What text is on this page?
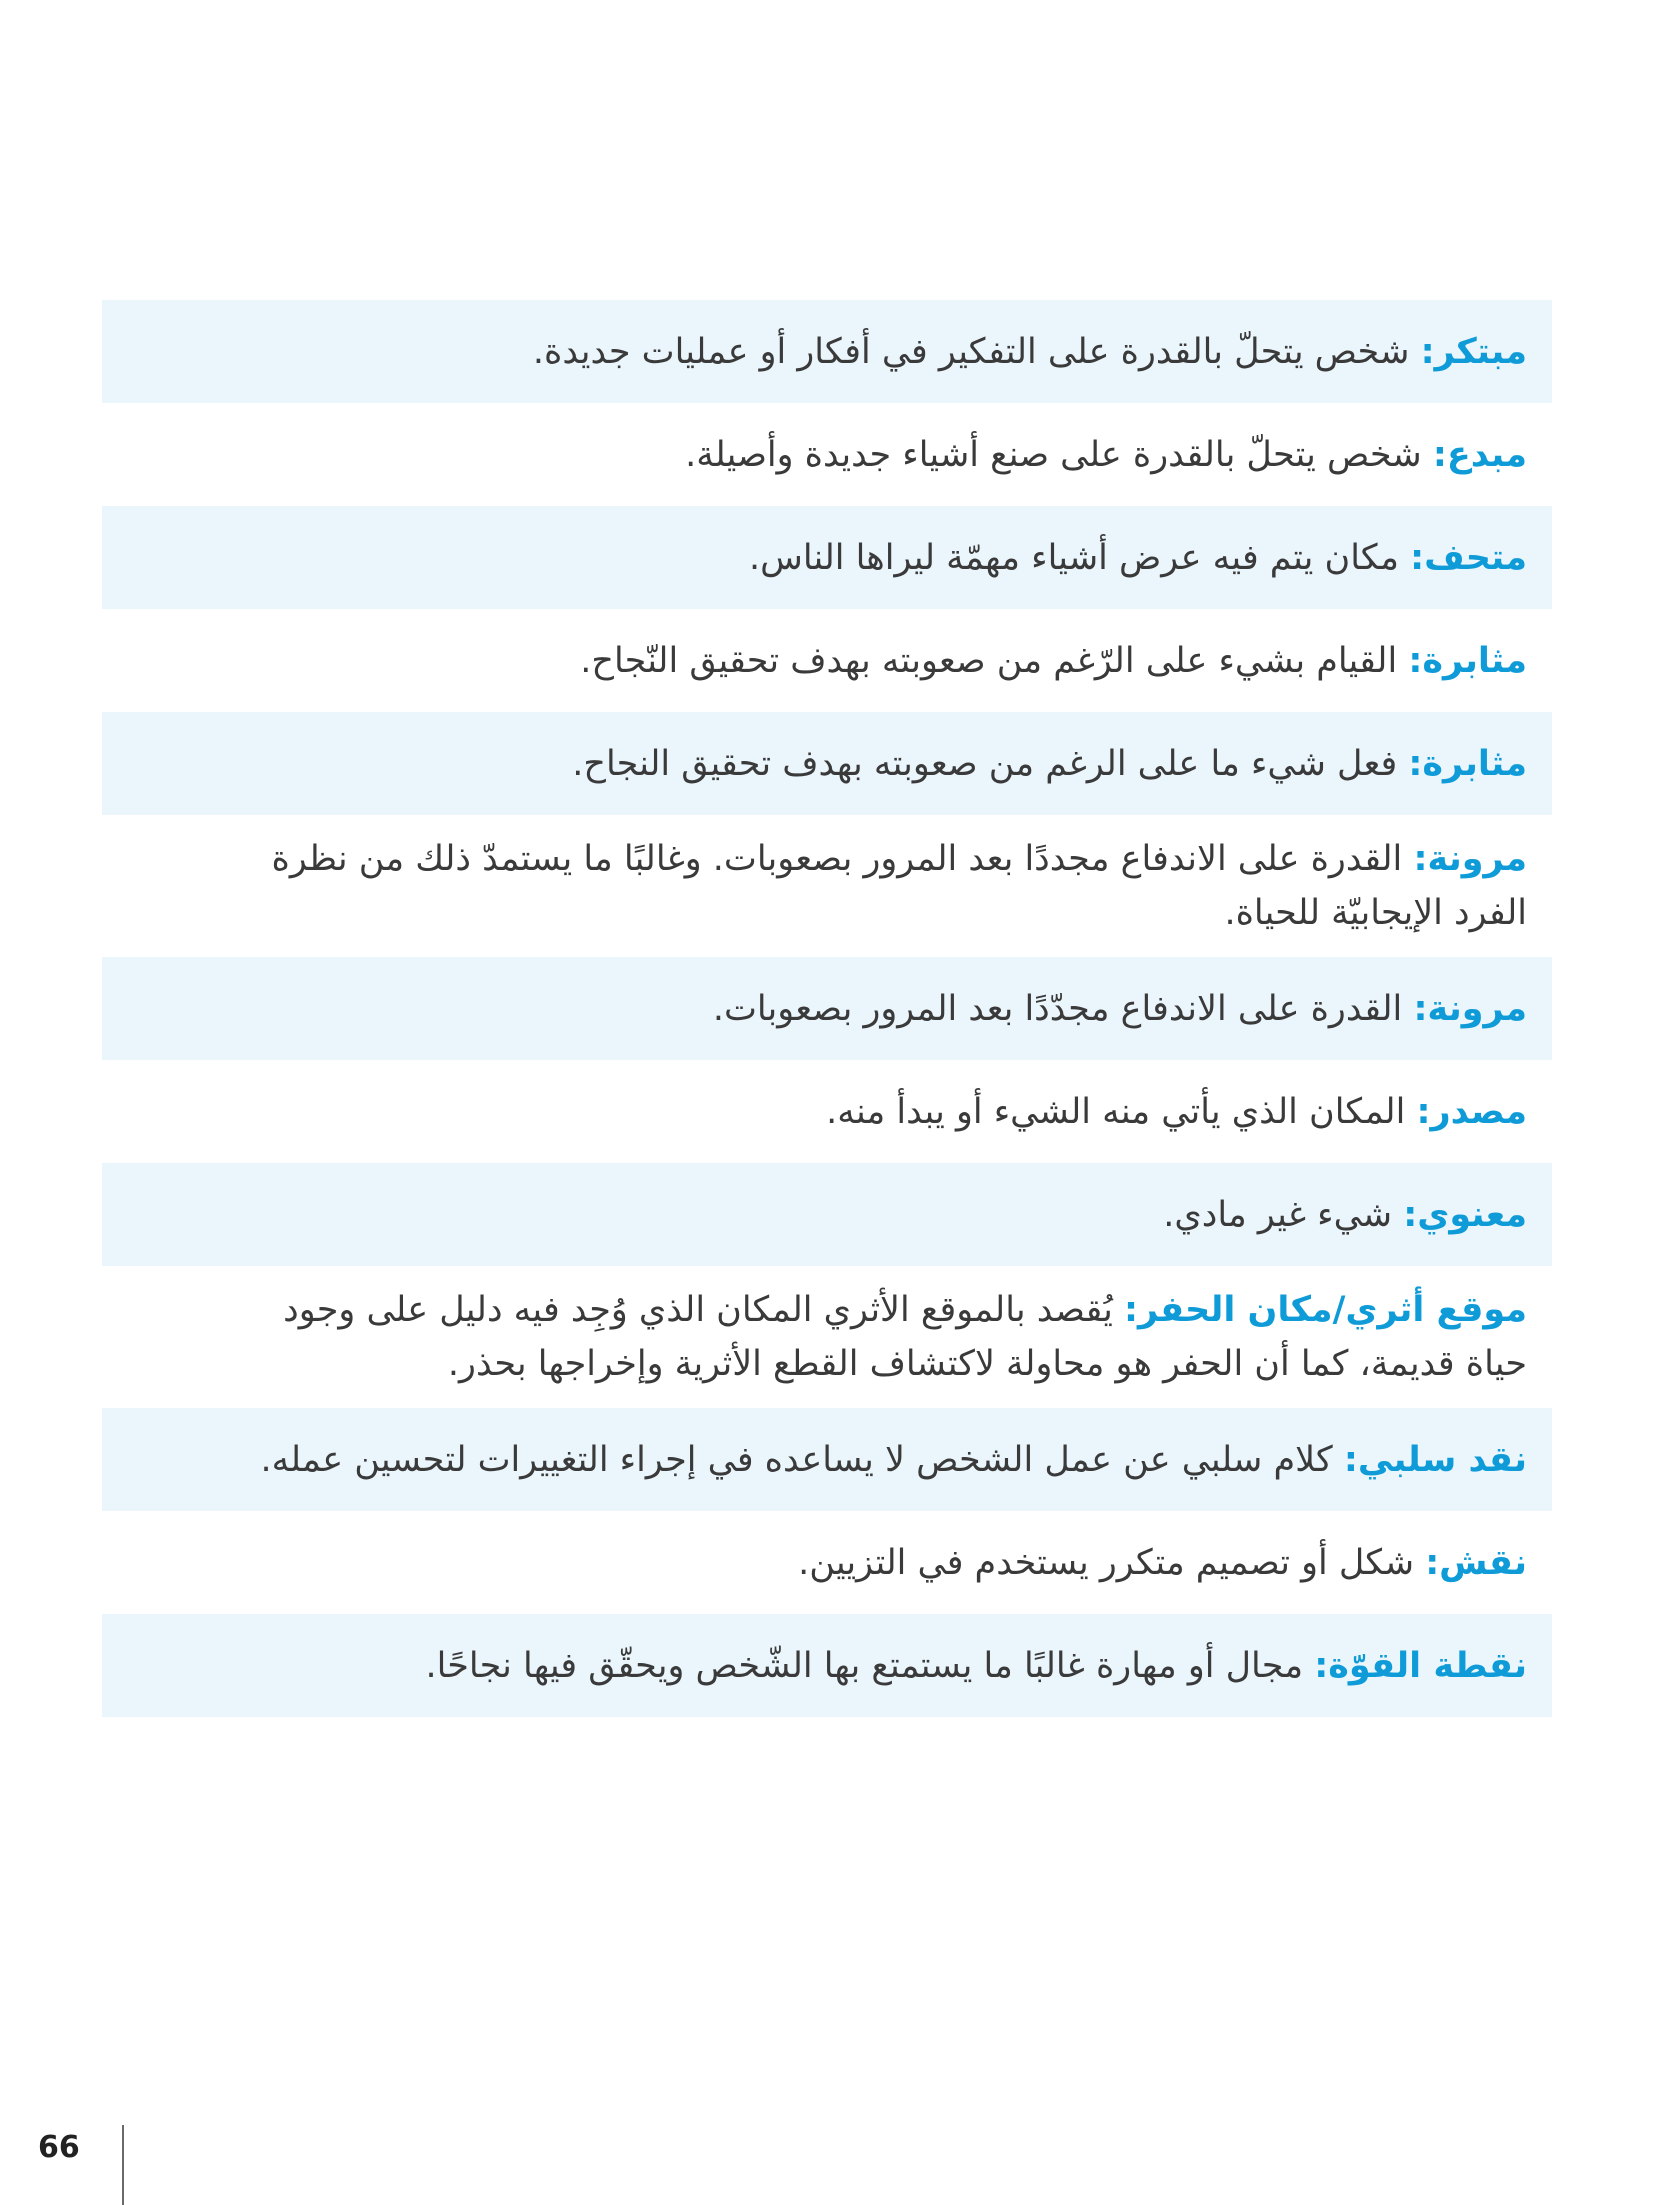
مبتكر: شخص يتحلّ بالقدرة على التفكير في أفكار أو عمليات جديدة.
مبدع: شخص يتحلّ بالقدرة على صنع أشياء جديدة وأصيلة.
متحف: مكان يتم فيه عرض أشياء مهمّة ليراها الناس.
مثابرة: القيام بشيء على الرّغم من صعوبته بهدف تحقيق النّجاح.
مثابرة: فعل شيء ما على الرغم من صعوبته بهدف تحقيق النجاح.
مرونة: القدرة على الاندفاع مجددًا بعد المرور بصعوبات. وغالبًا ما يستمدّ ذلك من نظرة
الفرد الإيجابيّة للحياة.
مرونة: القدرة على الاندفاع مجدّدًا بعد المرور بصعوبات.
مصدر: المكان الذي يأتي منه الشيء أو يبدأ منه.
معنوي: شيء غير مادي.
موقع أثري/مكان الحفر: يُقصد بالموقع الأثري المكان الذي وُجِد فيه دليل على وجود
حياة قديمة، كما أن الحفر هو محاولة لاكتشاف القطع الأثرية وإخراجها بحذر.
نقد سلبي: كلام سلبي عن عمل الشخص لا يساعده في إجراء التغييرات لتحسين عمله.
نقش: شكل أو تصميم متكرر يستخدم في التزيين.
نقطة القوّة: مجال أو مهارة غالبًا ما يستمتع بها الشّخص ويحقّق فيها نجاحًا.
66
